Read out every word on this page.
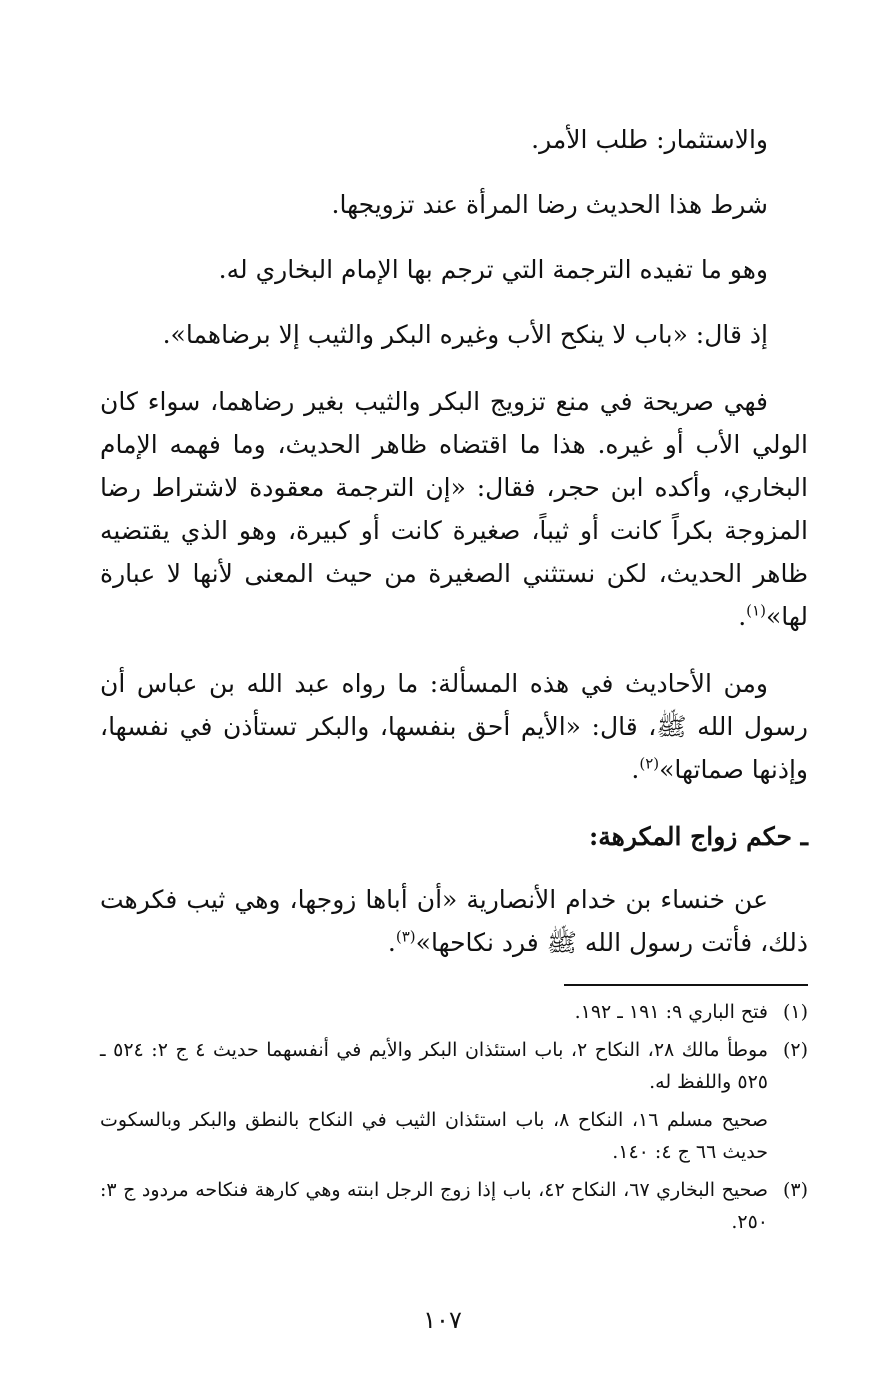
والاستثمار: طلب الأمر.

شرط هذا الحديث رضا المرأة عند تزويجها.

وهو ما تفيده الترجمة التي ترجم بها الإمام البخاري له.

إذ قال: «باب لا ينكح الأب وغيره البكر والثيب إلا برضاهما».

فهي صريحة في منع تزويج البكر والثيب بغير رضاهما، سواء كان الولي الأب أو غيره. هذا ما اقتضاه ظاهر الحديث، وما فهمه الإمام البخاري، وأكده ابن حجر، فقال: «إن الترجمة معقودة لاشتراط رضا المزوجة بكراً كانت أو ثيباً، صغيرة كانت أو كبيرة، وهو الذي يقتضيه ظاهر الحديث، لكن نستثني الصغيرة من حيث المعنى لأنها لا عبارة لها»$^{(١)}$.

ومن الأحاديث في هذه المسألة: ما رواه عبد الله بن عباس أن رسول الله ﷺ، قال: «الأيم أحق بنفسها، والبكر تستأذن في نفسها، وإذنها صماتها»$^{(٢)}$.

ـ حكم زواج المكرهة:

عن خنساء بن خدام الأنصارية «أن أباها زوجها، وهي ثيب فكرهت ذلك، فأتت رسول الله ﷺ فرد نكاحها»$^{(٣)}$.

(١)
فتح الباري ٩: ١٩١ ـ ١٩٢.

(٢)
موطأ مالك ٢٨، النكاح ٢، باب استئذان البكر والأيم في أنفسهما حديث ٤ ج ٢: ٥٢٤ ـ ٥٢٥ واللفظ له.

صحيح مسلم ١٦، النكاح ٨، باب استئذان الثيب في النكاح بالنطق والبكر وبالسكوت حديث ٦٦ ج ٤: ١٤٠.

(٣)
صحيح البخاري ٦٧، النكاح ٤٢، باب إذا زوج الرجل ابنته وهي كارهة فنكاحه مردود ج ٣: ٢٥٠.

١٠٧
